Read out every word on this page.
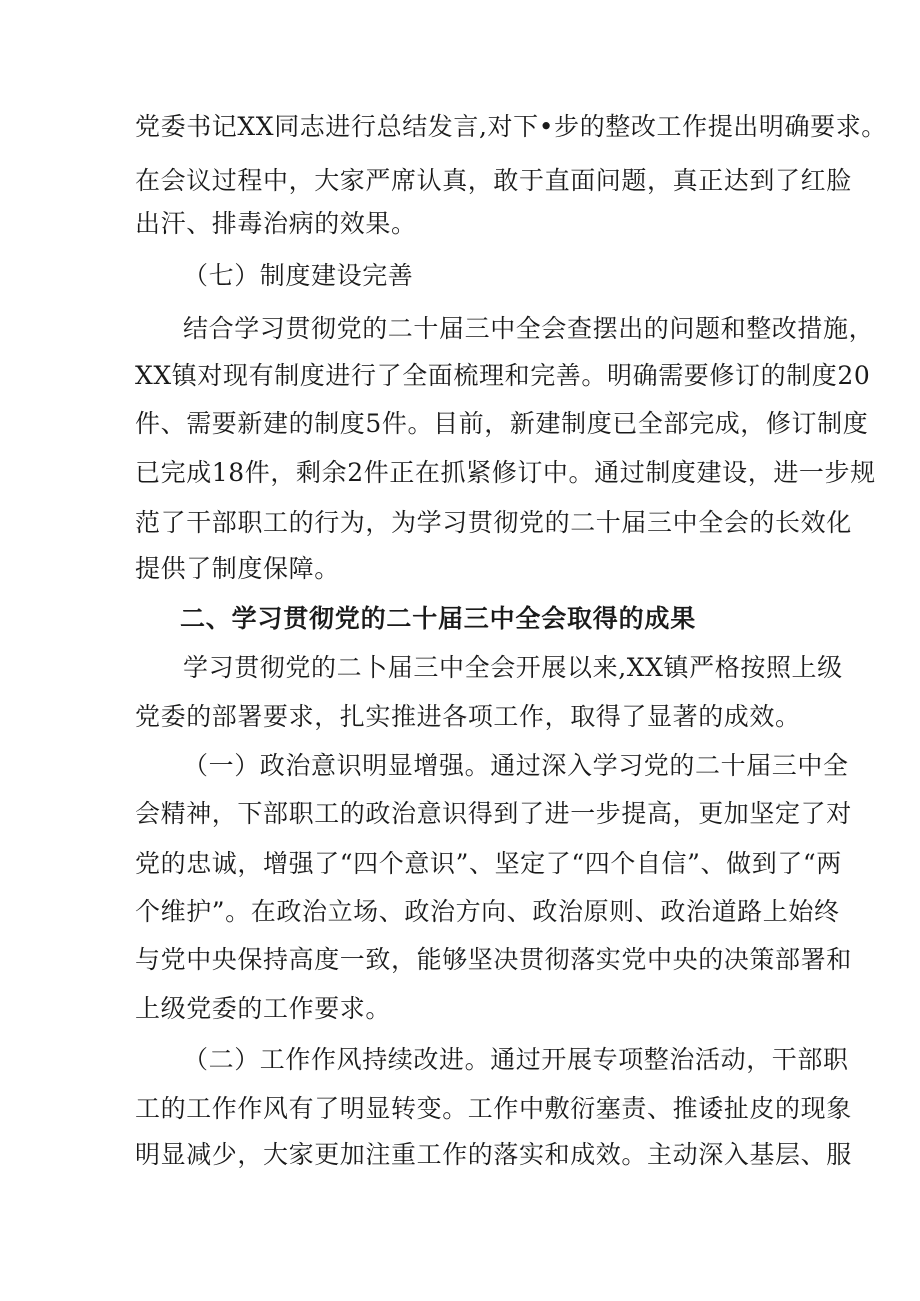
党委书记XX同志进行总结发言,对下•步的整改工作提出明确要求。
在会议过程中，大家严席认真，敢于直面问题，真正达到了红脸
出汗、排毒治病的效果。
（七）制度建设完善
结合学习贯彻党的二十届三中全会查摆出的问题和整改措施，
XX镇对现有制度进行了全面梳理和完善。明确需要修订的制度20
件、需要新建的制度5件。目前，新建制度已全部完成，修订制度
已完成18件，剩余2件正在抓紧修订中。通过制度建设，进一步规
范了干部职工的行为，为学习贯彻党的二十届三中全会的长效化
提供了制度保障。
二、学习贯彻党的二十届三中全会取得的成果
学习贯彻党的二卜届三中全会开展以来,XX镇严格按照上级
党委的部署要求，扎实推进各项工作，取得了显著的成效。
（一）政治意识明显增强。通过深入学习党的二十届三中全
会精神，下部职工的政治意识得到了进一步提高，更加坚定了对
党的忠诚，增强了“四个意识”、坚定了“四个自信”、做到了“两
个维护”。在政治立场、政治方向、政治原则、政治道路上始终
与党中央保持高度一致，能够坚决贯彻落实党中央的决策部署和
上级党委的工作要求。
（二）工作作风持续改进。通过开展专项整治活动，干部职
工的工作作风有了明显转变。工作中敷衍塞责、推诿扯皮的现象
明显减少，大家更加注重工作的落实和成效。主动深入基层、服
